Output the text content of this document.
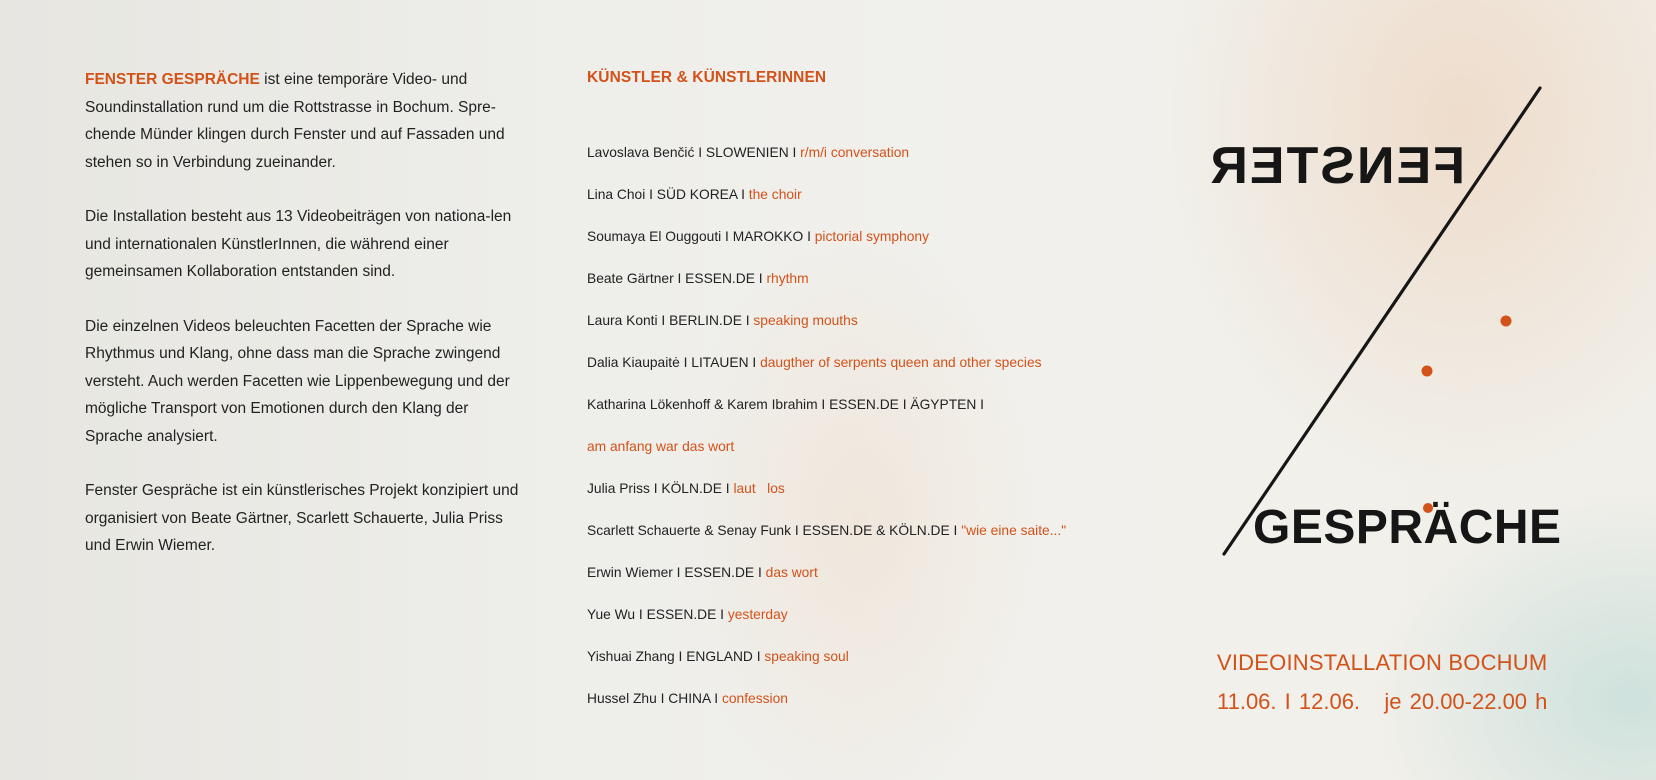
FENSTER GESPRÄCHE ist eine temporäre Video- und Soundinstallation rund um die Rottstrasse in Bochum. Spre-chende Münder klingen durch Fenster und auf Fassaden und stehen so in Verbindung zueinander.

Die Installation besteht aus 13 Videobeiträgen von nationa-len und internationalen KünstlerInnen, die während einer gemeinsamen Kollaboration entstanden sind.

Die einzelnen Videos beleuchten Facetten der Sprache wie Rhythmus und Klang, ohne dass man die Sprache zwingend versteht. Auch werden Facetten wie Lippenbewegung und der mögliche Transport von Emotionen durch den Klang der Sprache analysiert.

Fenster Gespräche ist ein künstlerisches Projekt konzipiert und organisiert von Beate Gärtner, Scarlett Schauerte, Julia Priss und Erwin Wiemer.

KÜNSTLER & KÜNSTLERINNEN
Lavoslava Benčić I SLOWENIEN I r/m/i conversation
Lina Choi I SÜD KOREA I the choir
Soumaya El Ouggouti I MAROKKO I pictorial symphony
Beate Gärtner I ESSEN.DE I rhythm
Laura Konti I BERLIN.DE I speaking mouths
Dalia Kiaupaitė I LITAUEN I daugther of serpents queen and other species
Katharina Lökenhoff & Karem Ibrahim I ESSEN.DE I ÄGYPTEN I
am anfang war das wort
Julia Priss I KÖLN.DE I laut   los
Scarlett Schauerte & Senay Funk I ESSEN.DE & KÖLN.DE I "wie eine saite..."
Erwin Wiemer I ESSEN.DE I das wort
Yue Wu I ESSEN.DE I yesterday
Yishuai Zhang I ENGLAND I speaking soul
Hussel Zhu I CHINA I confession
FENSTER
GESPRÄCHE
VIDEOINSTALLATION BOCHUM
11.06. I 12.06.   je 20.00-22.00 h
